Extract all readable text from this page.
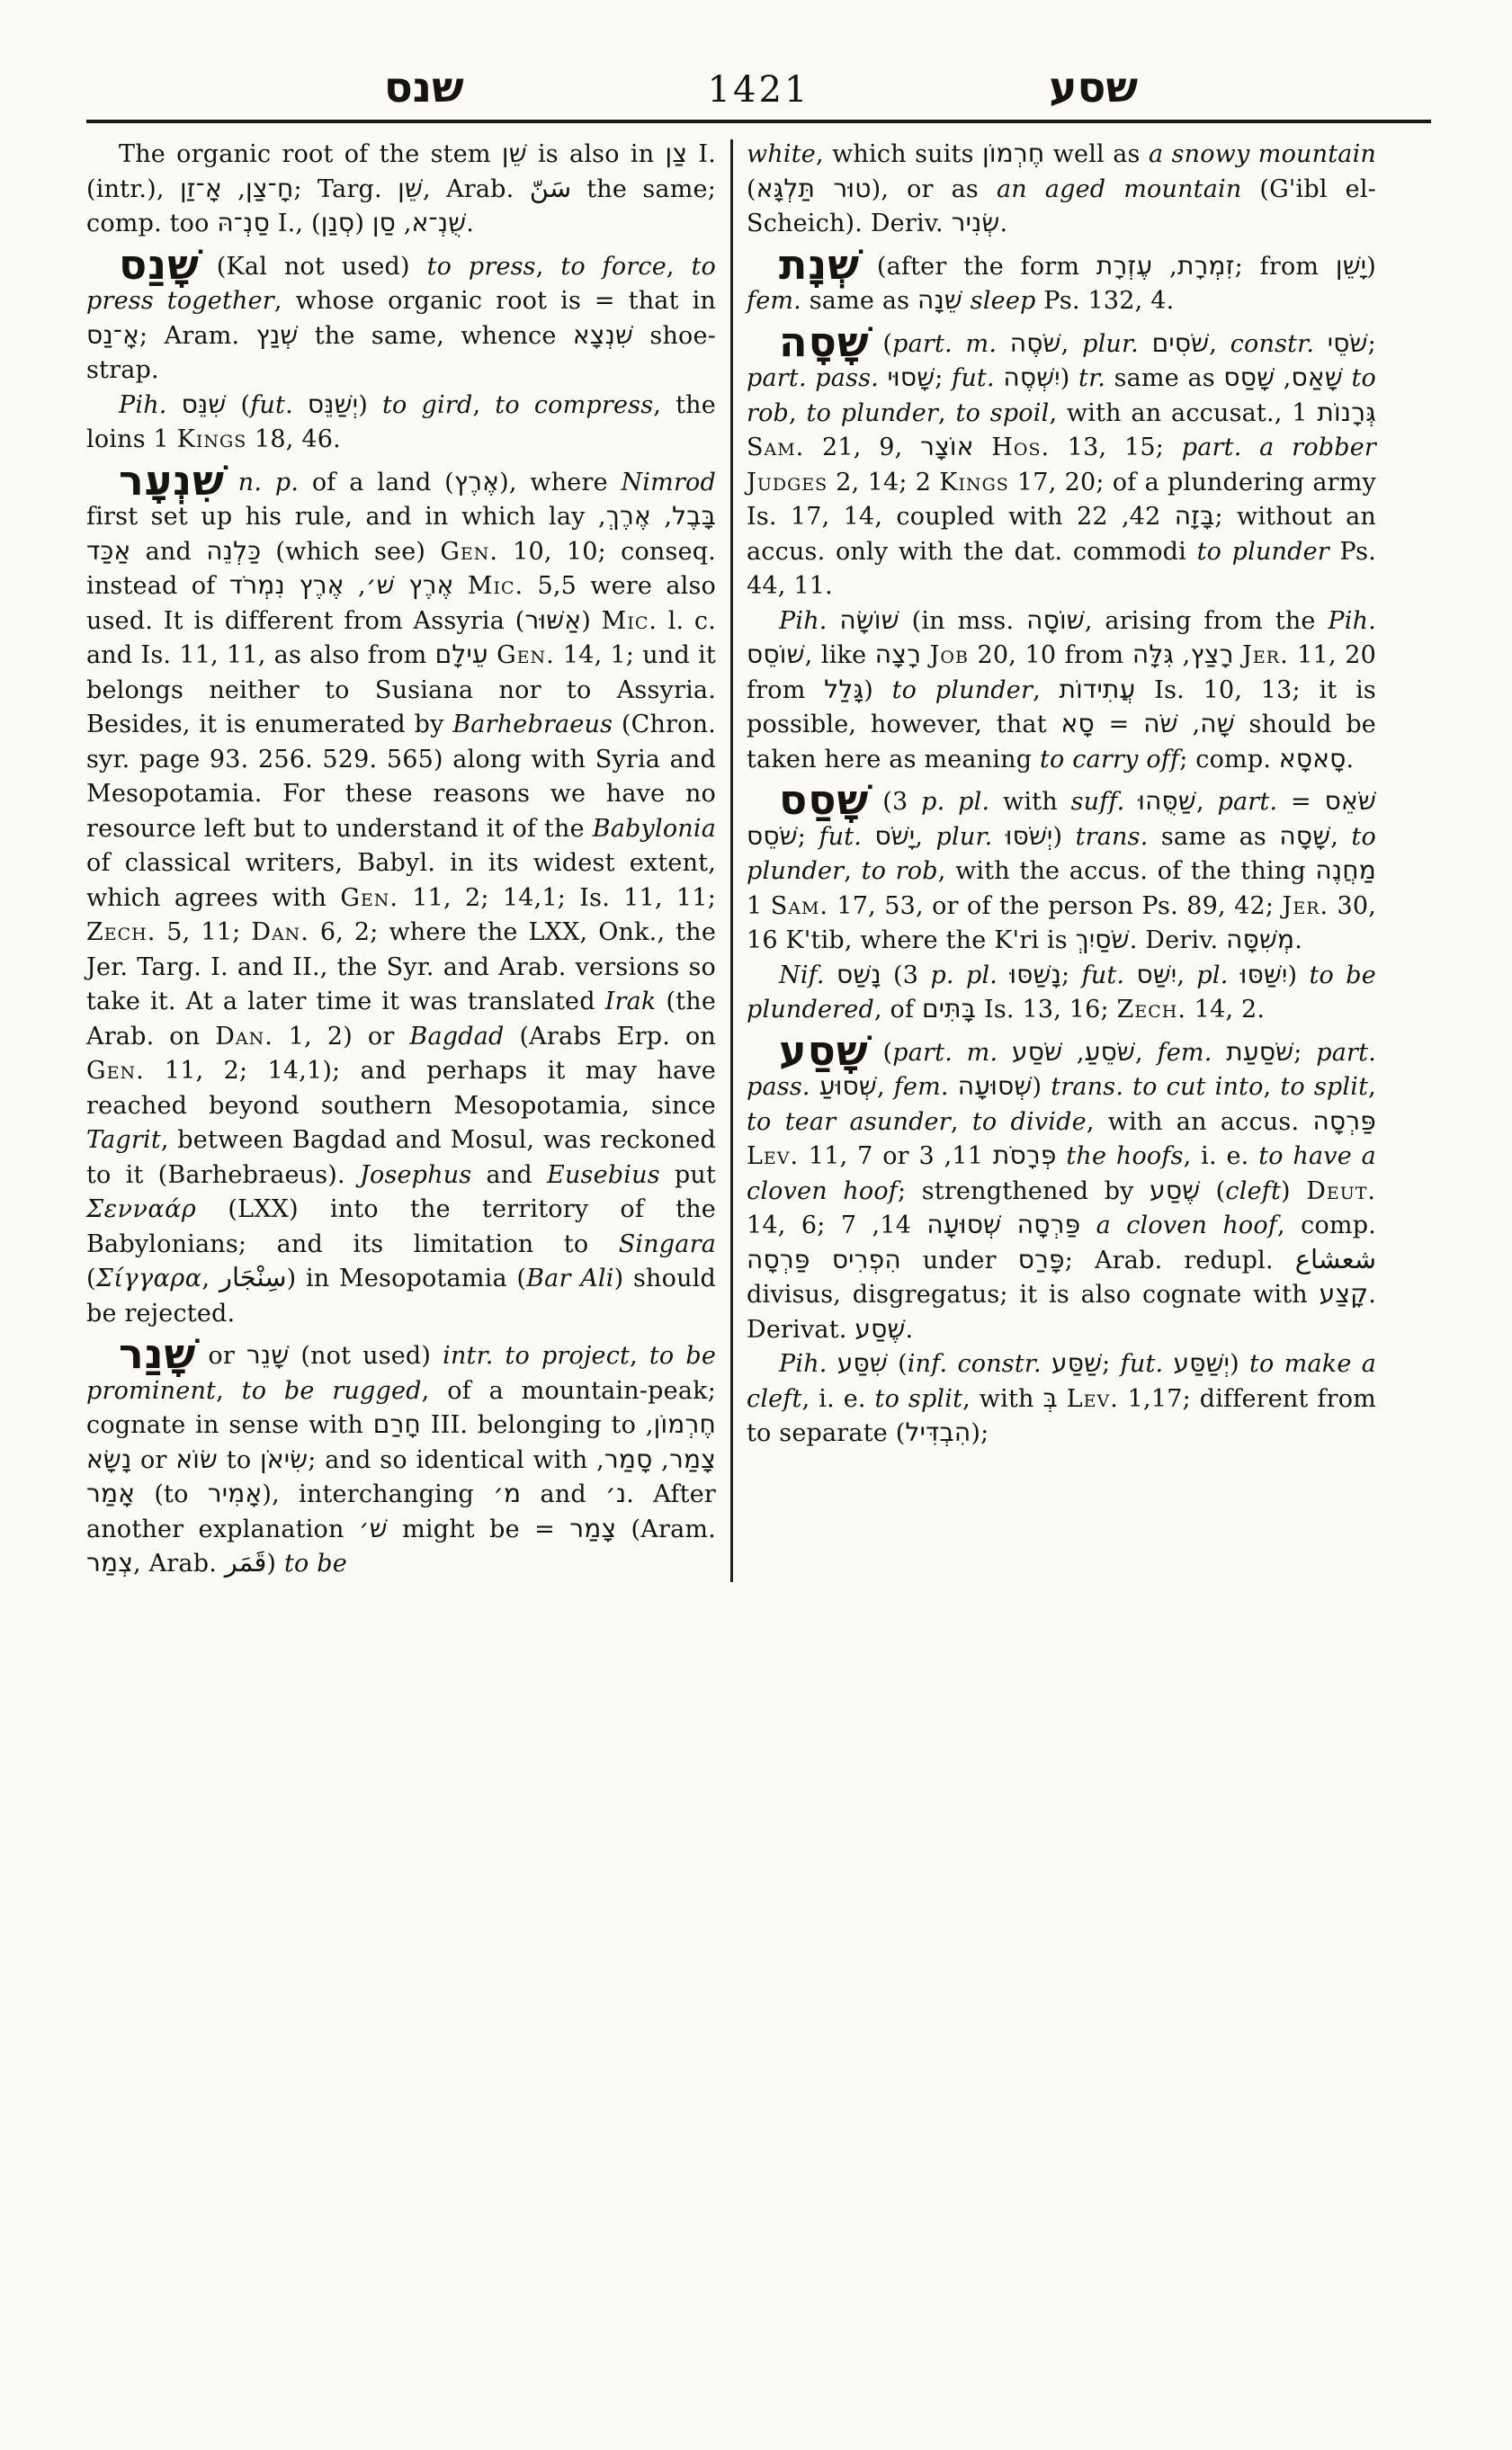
שנס	1421	שסע

The organic root of the stem שֵׁן is also in צַן I. (intr.),	חָ־צַן, אָ־זַן	; Targ. שֵׁן, Arab. سَنّ the same; comp. too סַנְ־הּ I.,	שֻׁנְ־א, סַן (סְנַן).

שָׁנַס (Kal not used) to press, to force, to press together, whose organic root is = that in אָ־נַס; Aram. שְׁנַץ the same, whence שִׁנְצָא shoe-strap.

Pih. שִׁנֵּס (fut. יְשַׁנֵּס) to gird, to compress, the loins 1 Kings 18, 46.

שִׁנְעָר n. p. of a land (אֶרֶץ), where Nimrod first set up his rule, and in which lay	בָּבֶל, אֶרֶךְ, אַכַּד and כַּלְנֵה (which see) Gen. 10, 10; conseq. instead of	אֶרֶץ שׁ׳, אֶרֶץ נִמְרֹד	Mic. 5,5 were also used. It is different from Assyria (אַשּׁוּר) Mic. l. c. and Is. 11, 11, as also from עֵילָם Gen. 14, 1; und it belongs neither to Susiana nor to Assyria. Besides, it is enumerated by Barhebraeus (Chron. syr. page 93. 256. 529. 565) along with Syria and Mesopotamia. For these reasons we have no resource left but to understand it of the Babylonia of classical writers, Babyl. in its widest extent, which agrees with Gen. 11, 2; 14,1; Is. 11, 11; Zech. 5, 11; Dan. 6, 2; where the LXX, Onk., the Jer. Targ. I. and II., the Syr. and Arab. versions so take it. At a later time it was translated Irak (the Arab. on Dan. 1, 2) or Bagdad (Arabs Erp. on Gen. 11, 2; 14,1); and perhaps it may have reached beyond southern Mesopotamia, since Tagrit, between Bagdad and Mosul, was reckoned to it (Barhebraeus). Josephus and Eusebius put Σενναάρ (LXX) into the territory of the Babylonians; and its limitation to Singara (Σίγγαρα, سِنْجَار) in Mesopotamia (Bar Ali) should be rejected.

שָׁנַר or שָׁנֵר (not used) intr. to project, to be prominent, to be rugged, of a mountain-peak; cognate in sense with חָרַם III. belonging to חֶרְמוֹן, נָשָׂא or שׂוֹא to שִׂיאֹן; and so identical with	צָמַר, סָמַר, אָמַר (to אָמִיר), interchanging מ׳ and נ׳. After another explanation שׁ׳ might be = צָמַר (Aram. צְמַר, Arab. قَمَر) to be

white, which suits חֶרְמוֹן well as a snowy mountain (טוּר תַּלְגָּא), or as an aged mountain (G'ibl el-Scheich). Deriv. שְׂנִיר.

שְׁנָת (after the form	זִמְרָת, עֶזְרָת	; from יָשֵׁן) fem. same as שֵׁנָה sleep Ps. 132, 4.

שָׁסָה (part. m. שֹׁסֶה, plur. שֹׁסִים, constr. שֹׁסֵי; part. pass. שָׁסוּי; fut. יִשְׁסֶה) tr. same as	שָׁאַס, שָׁסַס	to rob, to plunder, to spoil, with an accusat., גְּרָנוֹת 1 Sam. 21, 9, אוֹצָר Hos. 13, 15; part. a robber Judges 2, 14; 2 Kings 17, 20; of a plundering army Is. 17, 14, coupled with	בָּזָה 42, 22; without an accus. only with the dat. commodi to plunder Ps. 44, 11.

Pih. שׁוֹשָׂה (in mss. שׁוֹסָה, arising from the Pih. שׁוֹסֵס, like רָצָה Job 20, 10 from רָצַץ, גִּלָּה	Jer. 11, 20 from גָּלַל) to plunder, עֲתִידוֹת Is. 10, 13; it is possible, however, that	שָׁה, שֹׁה = סָא	should be taken here as meaning to carry off; comp. סָאסָא.

שָׁסַס (3 p. pl. with suff. שַׁסֻּהוּ, part. שֹׁאֵס = שֹׁסֵס; fut. יָשֹׁס, plur. יְשֹׁסּוּ) trans. same as שָׁסָה, to plunder, to rob, with the accus. of the thing מַחֲנֶה 1 Sam. 17, 53, or of the person Ps. 89, 42; Jer. 30, 16 K'tib, where the K'ri is שֹׁסַיִךְ. Deriv. מְשִׁסָּה.

Nif. נָשַׁס (3 p. pl. נָשַׁסּוּ; fut. יִשַּׁס, pl. יִשַּׁסּוּ) to be plundered, of בָּתִּים Is. 13, 16; Zech. 14, 2.

שָׁסַע (part. m.	שֹׁסֵעַ, שֹׁסַע	, fem. שֹׁסַעַת; part. pass. שְׁסוּעַ, fem. שְׁסוּעָה) trans. to cut into, to split, to tear asunder, to divide, with an accus. פַּרְסָה Lev. 11, 7 or	פְּרָסֹת 11, 3 the hoofs, i. e. to have a cloven hoof; strengthened by שֶׁסַע (cleft) Deut. 14, 6;	פַּרְסָה שְׁסוּעָה 14, 7 a cloven hoof, comp. הִפְרִיס פַּרְסָה under פָּרַס; Arab. redupl. شعشاع divisus, disgregatus; it is also cognate with קָצַע. Derivat. שֶׁסַע.

Pih. שִׁסַּע (inf. constr. שַׁסַּע; fut. יְשַׁסַּע) to make a cleft, i. e. to split, with בְּ Lev. 1,17; different from to separate (הִבְדִּיל);
